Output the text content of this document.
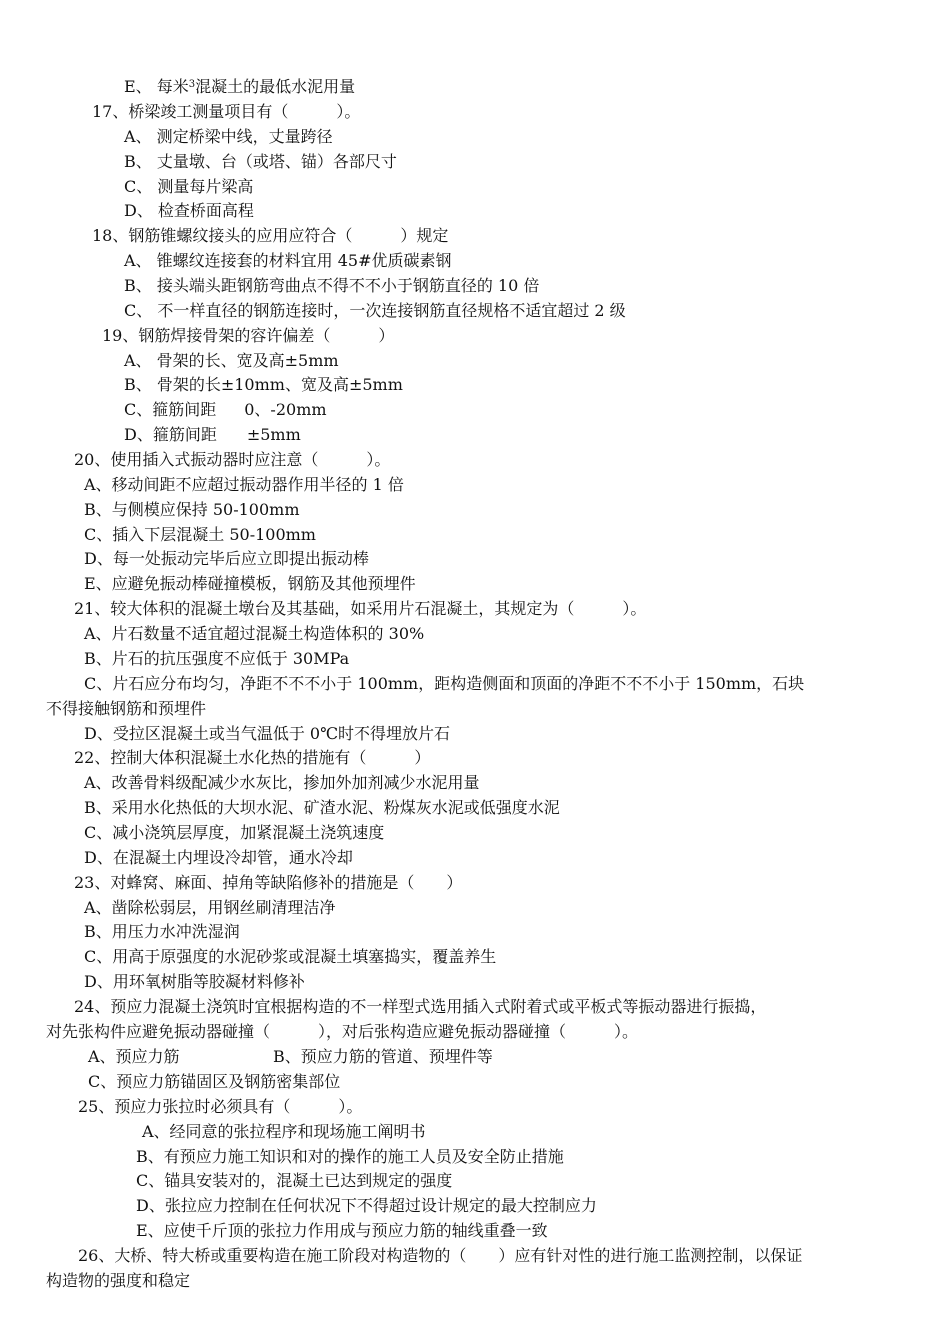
E、 每米$^3$混凝土的最低水泥用量
17、桥梁竣工测量项目有（　　　）。
A、 测定桥梁中线，丈量跨径
B、 丈量墩、台（或塔、锚）各部尺寸
C、 测量每片梁高
D、 检查桥面高程
18、钢筋锥螺纹接头的应用应符合（　　　）规定
A、 锥螺纹连接套的材料宜用 45#优质碳素钢
B、 接头端头距钢筋弯曲点不得不不小于钢筋直径的 10 倍
C、 不一样直径的钢筋连接时，一次连接钢筋直径规格不适宜超过 2 级
19、钢筋焊接骨架的容许偏差（　　　）
A、 骨架的长、宽及高±5mm
B、 骨架的长±10mm、宽及高±5mm
C、箍筋间距 0、-20mm
D、箍筋间距 ±5mm
20、使用插入式振动器时应注意（　　　）。
A、移动间距不应超过振动器作用半径的 1 倍
B、与侧模应保持 50-100mm
C、插入下层混凝土 50-100mm
D、每一处振动完毕后应立即提出振动棒
E、应避免振动棒碰撞模板，钢筋及其他预埋件
21、较大体积的混凝土墩台及其基础，如采用片石混凝土，其规定为（　　　）。
A、片石数量不适宜超过混凝土构造体积的 30%
B、片石的抗压强度不应低于 30MPa
C、片石应分布均匀，净距不不不小于 100mm，距构造侧面和顶面的净距不不不小于 150mm，石块
不得接触钢筋和预埋件
D、受拉区混凝土或当气温低于 0℃时不得埋放片石
22、控制大体积混凝土水化热的措施有（　　　）
A、改善骨料级配减少水灰比，掺加外加剂减少水泥用量
B、采用水化热低的大坝水泥、矿渣水泥、粉煤灰水泥或低强度水泥
C、减小浇筑层厚度，加紧混凝土浇筑速度
D、在混凝土内埋设冷却管，通水冷却
23、对蜂窝、麻面、掉角等缺陷修补的措施是（　　）
A、凿除松弱层，用钢丝刷清理洁净
B、用压力水冲洗湿润
C、用高于原强度的水泥砂浆或混凝土填塞捣实，覆盖养生
D、用环氧树脂等胶凝材料修补
24、预应力混凝土浇筑时宜根据构造的不一样型式选用插入式附着式或平板式等振动器进行振捣，
对先张构件应避免振动器碰撞（　　　），对后张构造应避免振动器碰撞（　　　）。
A、预应力筋	B、预应力筋的管道、预埋件等
C、预应力筋锚固区及钢筋密集部位
25、预应力张拉时必须具有（　　　）。
A、经同意的张拉程序和现场施工阐明书
B、有预应力施工知识和对的操作的施工人员及安全防止措施
C、锚具安装对的，混凝土已达到规定的强度
D、张拉应力控制在任何状况下不得超过设计规定的最大控制应力
E、应使千斤顶的张拉力作用成与预应力筋的轴线重叠一致
26、大桥、特大桥或重要构造在施工阶段对构造物的（　　）应有针对性的进行施工监测控制，以保证
构造物的强度和稳定
